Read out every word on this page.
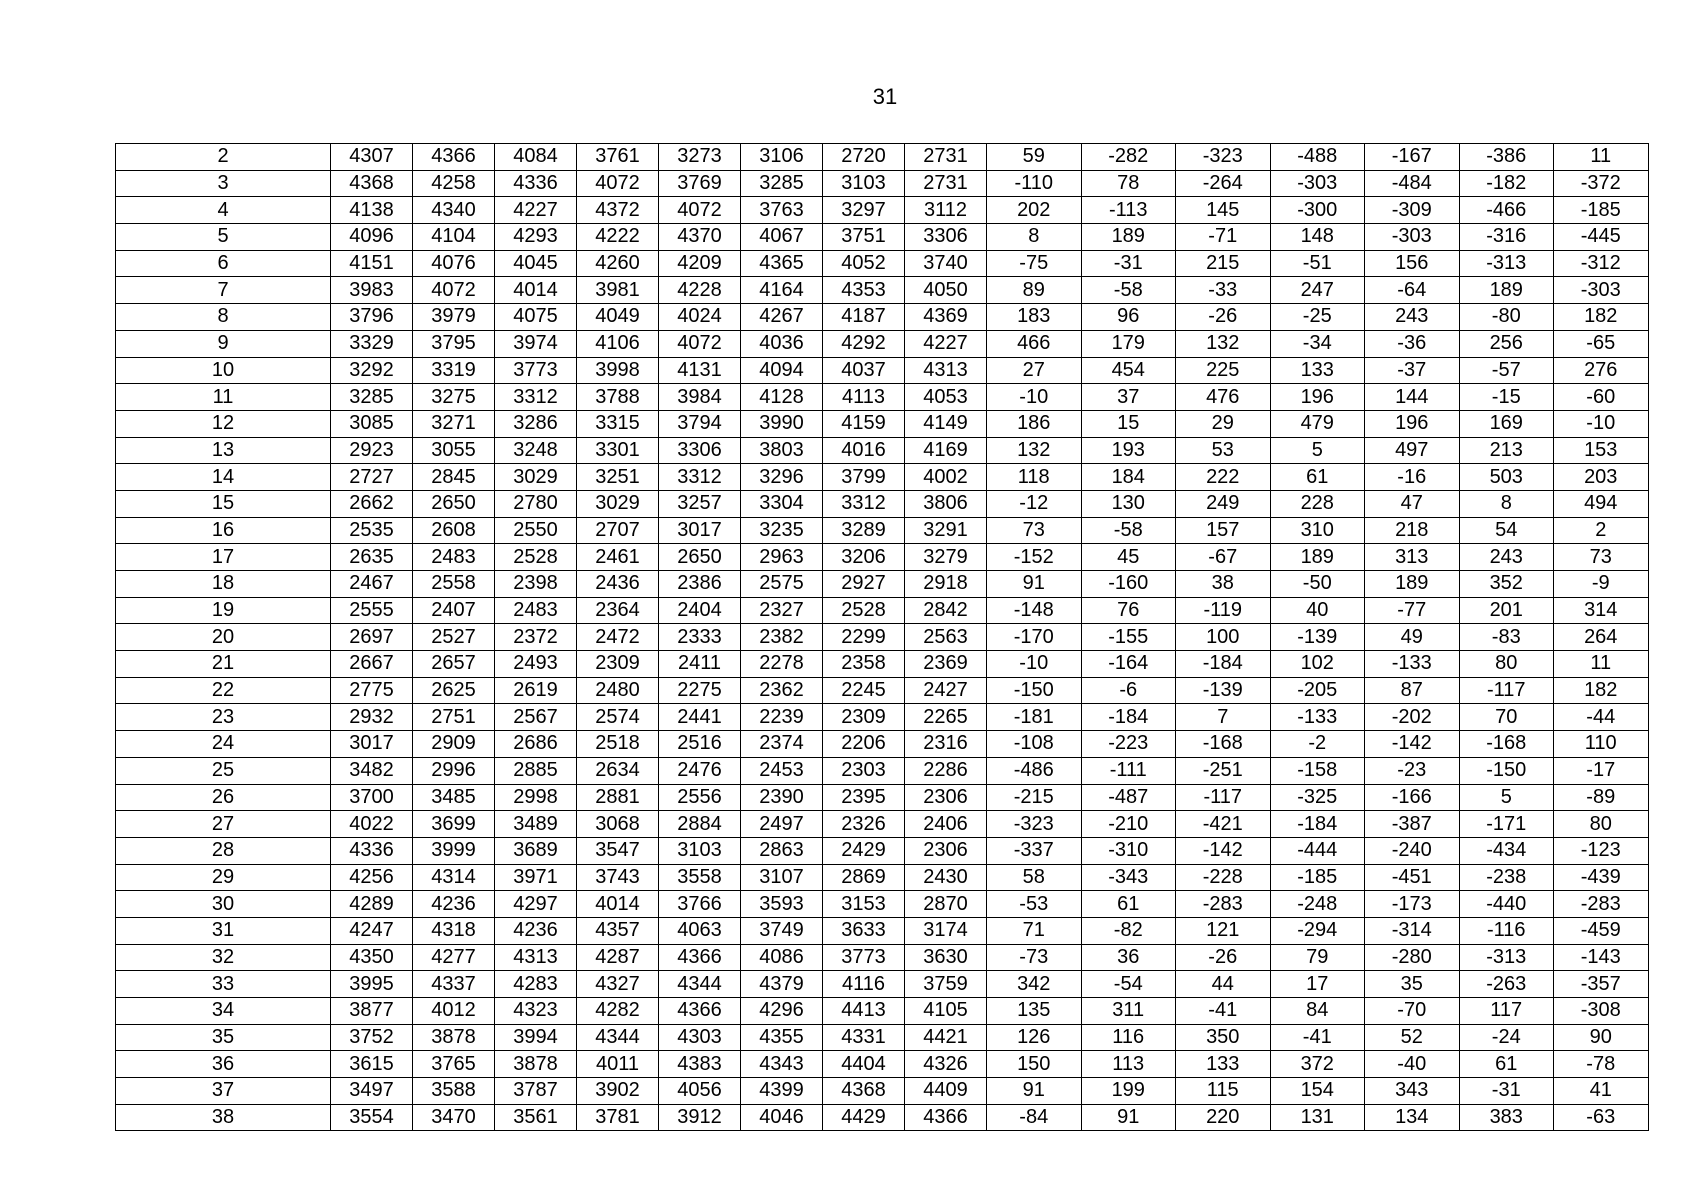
31
2	4307	4366	4084	3761	3273	3106	2720	2731	59	-282	-323	-488	-167	-386	11
3	4368	4258	4336	4072	3769	3285	3103	2731	-110	78	-264	-303	-484	-182	-372
4	4138	4340	4227	4372	4072	3763	3297	3112	202	-113	145	-300	-309	-466	-185
5	4096	4104	4293	4222	4370	4067	3751	3306	8	189	-71	148	-303	-316	-445
6	4151	4076	4045	4260	4209	4365	4052	3740	-75	-31	215	-51	156	-313	-312
7	3983	4072	4014	3981	4228	4164	4353	4050	89	-58	-33	247	-64	189	-303
8	3796	3979	4075	4049	4024	4267	4187	4369	183	96	-26	-25	243	-80	182
9	3329	3795	3974	4106	4072	4036	4292	4227	466	179	132	-34	-36	256	-65
10	3292	3319	3773	3998	4131	4094	4037	4313	27	454	225	133	-37	-57	276
11	3285	3275	3312	3788	3984	4128	4113	4053	-10	37	476	196	144	-15	-60
12	3085	3271	3286	3315	3794	3990	4159	4149	186	15	29	479	196	169	-10
13	2923	3055	3248	3301	3306	3803	4016	4169	132	193	53	5	497	213	153
14	2727	2845	3029	3251	3312	3296	3799	4002	118	184	222	61	-16	503	203
15	2662	2650	2780	3029	3257	3304	3312	3806	-12	130	249	228	47	8	494
16	2535	2608	2550	2707	3017	3235	3289	3291	73	-58	157	310	218	54	2
17	2635	2483	2528	2461	2650	2963	3206	3279	-152	45	-67	189	313	243	73
18	2467	2558	2398	2436	2386	2575	2927	2918	91	-160	38	-50	189	352	-9
19	2555	2407	2483	2364	2404	2327	2528	2842	-148	76	-119	40	-77	201	314
20	2697	2527	2372	2472	2333	2382	2299	2563	-170	-155	100	-139	49	-83	264
21	2667	2657	2493	2309	2411	2278	2358	2369	-10	-164	-184	102	-133	80	11
22	2775	2625	2619	2480	2275	2362	2245	2427	-150	-6	-139	-205	87	-117	182
23	2932	2751	2567	2574	2441	2239	2309	2265	-181	-184	7	-133	-202	70	-44
24	3017	2909	2686	2518	2516	2374	2206	2316	-108	-223	-168	-2	-142	-168	110
25	3482	2996	2885	2634	2476	2453	2303	2286	-486	-111	-251	-158	-23	-150	-17
26	3700	3485	2998	2881	2556	2390	2395	2306	-215	-487	-117	-325	-166	5	-89
27	4022	3699	3489	3068	2884	2497	2326	2406	-323	-210	-421	-184	-387	-171	80
28	4336	3999	3689	3547	3103	2863	2429	2306	-337	-310	-142	-444	-240	-434	-123
29	4256	4314	3971	3743	3558	3107	2869	2430	58	-343	-228	-185	-451	-238	-439
30	4289	4236	4297	4014	3766	3593	3153	2870	-53	61	-283	-248	-173	-440	-283
31	4247	4318	4236	4357	4063	3749	3633	3174	71	-82	121	-294	-314	-116	-459
32	4350	4277	4313	4287	4366	4086	3773	3630	-73	36	-26	79	-280	-313	-143
33	3995	4337	4283	4327	4344	4379	4116	3759	342	-54	44	17	35	-263	-357
34	3877	4012	4323	4282	4366	4296	4413	4105	135	311	-41	84	-70	117	-308
35	3752	3878	3994	4344	4303	4355	4331	4421	126	116	350	-41	52	-24	90
36	3615	3765	3878	4011	4383	4343	4404	4326	150	113	133	372	-40	61	-78
37	3497	3588	3787	3902	4056	4399	4368	4409	91	199	115	154	343	-31	41
38	3554	3470	3561	3781	3912	4046	4429	4366	-84	91	220	131	134	383	-63
